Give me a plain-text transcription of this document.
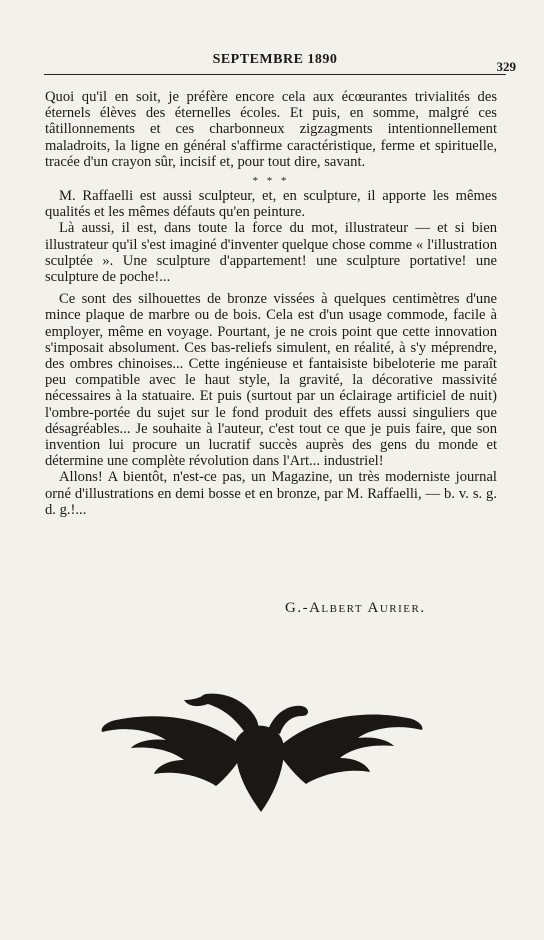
SEPTEMBRE 1890	329

Quoi qu'il en soit, je préfère encore cela aux écœurantes trivialités des éternels élèves des éternelles écoles. Et puis, en somme, malgré ces tâtillonnements et ces charbonneux zigzagments intentionnellement maladroits, la ligne en général s'affirme caractéristique, ferme et spirituelle, tracée d'un crayon sûr, incisif et, pour tout dire, savant.

* * *

M. Raffaelli est aussi sculpteur, et, en sculpture, il apporte les mêmes qualités et les mêmes défauts qu'en peinture.

Là aussi, il est, dans toute la force du mot, illustrateur — et si bien illustrateur qu'il s'est imaginé d'inventer quelque chose comme « l'illustration sculptée ». Une sculpture d'appartement! une sculpture portative! une sculpture de poche!...

Ce sont des silhouettes de bronze vissées à quelques centimètres d'une mince plaque de marbre ou de bois. Cela est d'un usage commode, facile à employer, même en voyage. Pourtant, je ne crois point que cette innovation s'imposait absolument. Ces bas-reliefs simulent, en réalité, à s'y méprendre, des ombres chinoises... Cette ingénieuse et fantaisiste bibeloterie me paraît peu compatible avec le haut style, la gravité, la décorative massivité nécessaires à la statuaire. Et puis (surtout par un éclairage artificiel de nuit) l'ombre-portée du sujet sur le fond produit des effets aussi singuliers que désagréables... Je souhaite à l'auteur, c'est tout ce que je puis faire, que son invention lui procure un lucratif succès auprès des gens du monde et détermine une complète révolution dans l'Art... industriel!

Allons! A bientôt, n'est-ce pas, un Magazine, un très moderniste journal orné d'illustrations en demi bosse et en bronze, par M. Raffaelli, — b. v. s. g. d. g.!...

G.-Albert Aurier.
